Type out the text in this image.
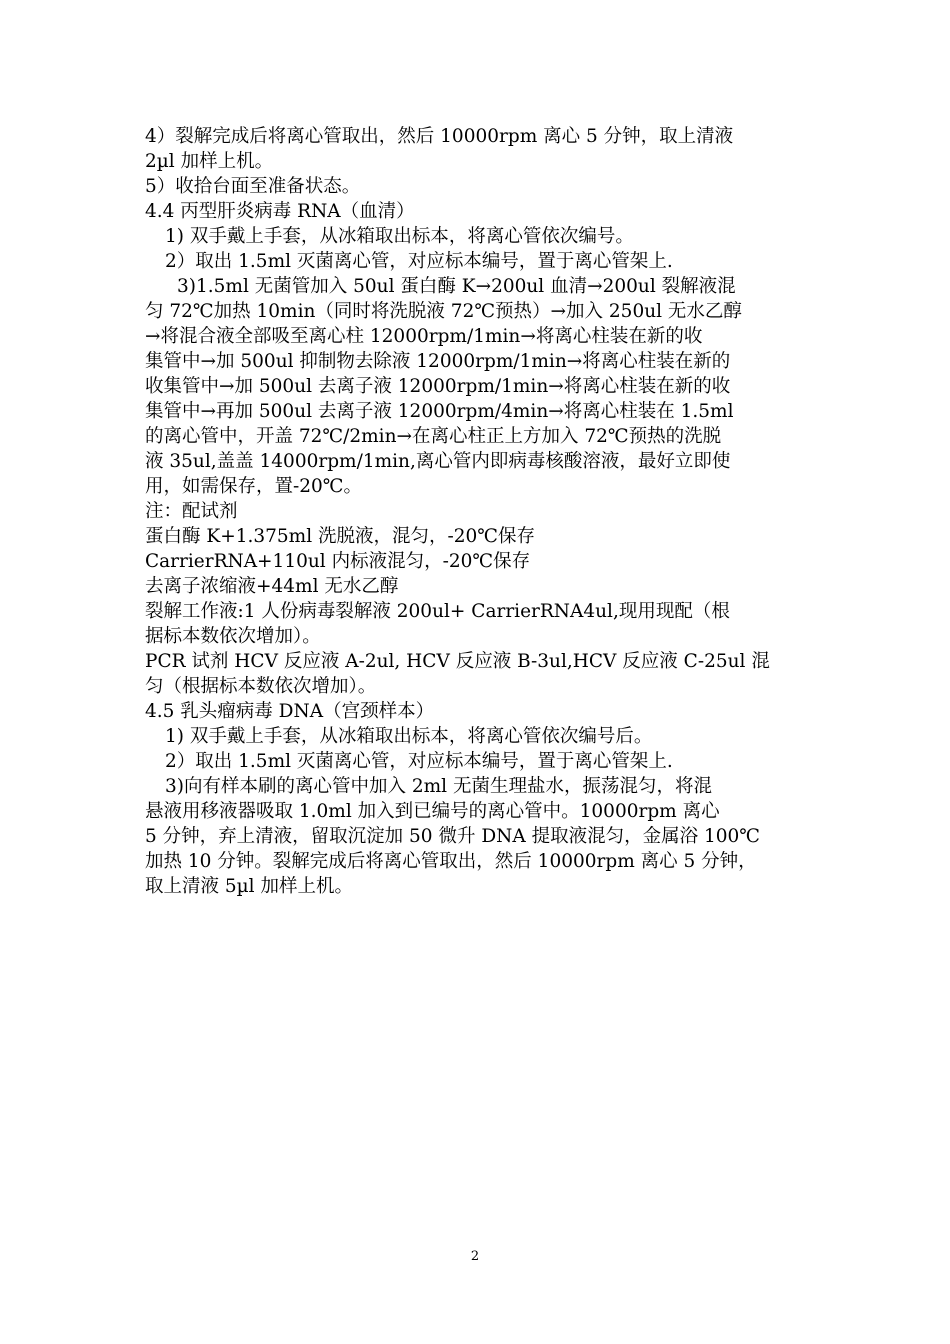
4）裂解完成后将离心管取出，然后 10000rpm 离心 5 分钟，取上清液
2µl 加样上机。
5）收拾台面至准备状态。
4.4 丙型肝炎病毒 RNA（血清）
1) 双手戴上手套，从冰箱取出标本，将离心管依次编号。
2）取出 1.5ml 灭菌离心管，对应标本编号，置于离心管架上.
3)1.5ml 无菌管加入 50ul 蛋白酶 K→200ul 血清→200ul 裂解液混
匀 72℃加热 10min（同时将洗脱液 72℃预热）→加入 250ul 无水乙醇
→将混合液全部吸至离心柱 12000rpm/1min→将离心柱装在新的收
集管中→加 500ul 抑制物去除液 12000rpm/1min→将离心柱装在新的
收集管中→加 500ul 去离子液 12000rpm/1min→将离心柱装在新的收
集管中→再加 500ul 去离子液 12000rpm/4min→将离心柱装在 1.5ml
的离心管中，开盖 72℃/2min→在离心柱正上方加入 72℃预热的洗脱
液 35ul,盖盖 14000rpm/1min,离心管内即病毒核酸溶液，最好立即使
用，如需保存，置-20℃。
注：配试剂
蛋白酶 K+1.375ml 洗脱液，混匀，-20℃保存
CarrierRNA+110ul 内标液混匀，-20℃保存
去离子浓缩液+44ml 无水乙醇
裂解工作液:1 人份病毒裂解液 200ul+ CarrierRNA4ul,现用现配（根
据标本数依次增加）。
PCR 试剂 HCV 反应液 A-2ul, HCV 反应液 B-3ul,HCV 反应液 C-25ul 混
匀（根据标本数依次增加）。
4.5 乳头瘤病毒 DNA（宫颈样本）
1) 双手戴上手套，从冰箱取出标本，将离心管依次编号后。
2）取出 1.5ml 灭菌离心管，对应标本编号，置于离心管架上.
3)向有样本刷的离心管中加入 2ml 无菌生理盐水，振荡混匀，将混
悬液用移液器吸取 1.0ml 加入到已编号的离心管中。10000rpm 离心
5 分钟，弃上清液，留取沉淀加 50 微升 DNA 提取液混匀，金属浴 100℃
加热 10 分钟。裂解完成后将离心管取出，然后 10000rpm 离心 5 分钟，
取上清液 5µl 加样上机。
2
